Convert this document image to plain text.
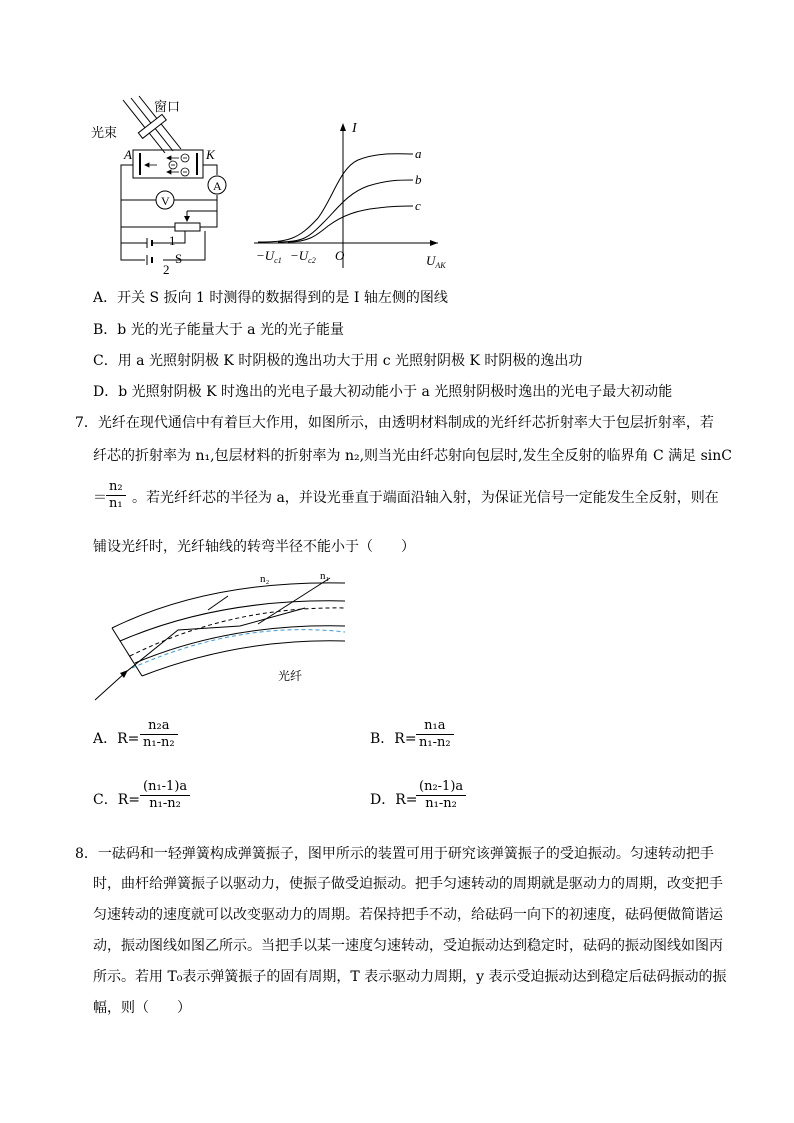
V
A
窗口
光束
A	K
1
2
S
I
a
b
c
O
$-U_{c1} -U_{c2}$	$U_{AK}$
A．开关 S 扳向 1 时测得的数据得到的是 I 轴左侧的图线
B．b 光的光子能量大于 a 光的光子能量
C．用 a 光照射阴极 K 时阴极的逸出功大于用 c 光照射阴极 K 时阴极的逸出功
D．b 光照射阴极 K 时逸出的光电子最大初动能小于 a 光照射阴极时逸出的光电子最大初动能
7．光纤在现代通信中有着巨大作用，如图所示，由透明材料制成的光纤纤芯折射率大于包层折射率，若
纤芯的折射率为 n₁,包层材料的折射率为 n₂,则当光由纤芯射向包层时,发生全反射的临界角 C 满足 sinC
＝ $\frac{\text{n₂}}{\text{n₁}}$ 。若光纤纤芯的半径为 a，并设光垂直于端面沿轴入射，为保证光信号一定能发生全反射，则在
铺设光纤时，光纤轴线的转弯半径不能小于（　　）
n₂	n₁
光纤
A．$R= \frac{\text{n₂a}}{\text{n₁-n₂}}$	B．$R= \frac{\text{n₁a}}{\text{n₁-n₂}}$
C．$R= \frac{\text{(n₁-1)a}}{\text{n₁-n₂}}$	D．R=
$\frac{\text{(n₂-1)a}}{\text{n₁-n₂}}$
8．一砝码和一轻弹簧构成弹簧振子，图甲所示的装置可用于研究该弹簧振子的受迫振动。匀速转动把手
时，曲杆给弹簧振子以驱动力，使振子做受迫振动。把手匀速转动的周期就是驱动力的周期，改变把手
匀速转动的速度就可以改变驱动力的周期。若保持把手不动，给砝码一向下的初速度，砝码便做简谐运
动，振动图线如图乙所示。当把手以某一速度匀速转动，受迫振动达到稳定时，砝码的振动图线如图丙
所示。若用 T₀表示弹簧振子的固有周期，T 表示驱动力周期，y 表示受迫振动达到稳定后砝码振动的振
幅，则（　　）
